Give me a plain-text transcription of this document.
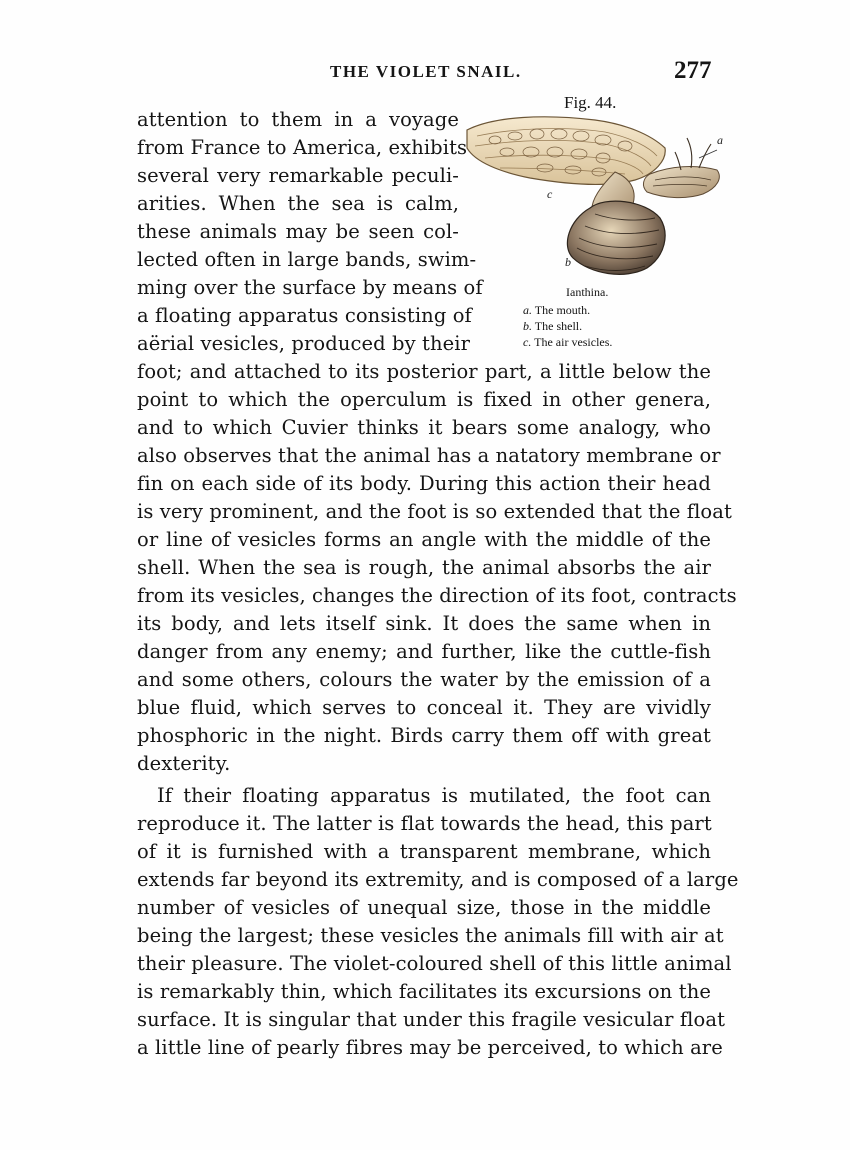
THE VIOLET SNAIL.	277
Fig. 44.
c
a
b
Ianthina.
a. The mouth.
b. The shell.
c. The air vesicles.
attention to them in a voyage
from France to America, exhibits
several very remarkable peculi-
arities. When the sea is calm,
these animals may be seen col-
lected often in large bands, swim-
ming over the surface by means of
a floating apparatus consisting of
aërial vesicles, produced by their
foot; and attached to its posterior part, a little below the
point to which the operculum is fixed in other genera,
and to which Cuvier thinks it bears some analogy, who
also observes that the animal has a natatory membrane or
fin on each side of its body. During this action their head
is very prominent, and the foot is so extended that the float
or line of vesicles forms an angle with the middle of the
shell. When the sea is rough, the animal absorbs the air
from its vesicles, changes the direction of its foot, contracts
its body, and lets itself sink. It does the same when in
danger from any enemy; and further, like the cuttle-fish
and some others, colours the water by the emission of a
blue fluid, which serves to conceal it. They are vividly
phosphoric in the night. Birds carry them off with great
dexterity.
If their floating apparatus is mutilated, the foot can
reproduce it. The latter is flat towards the head, this part
of it is furnished with a transparent membrane, which
extends far beyond its extremity, and is composed of a large
number of vesicles of unequal size, those in the middle
being the largest; these vesicles the animals fill with air at
their pleasure. The violet-coloured shell of this little animal
is remarkably thin, which facilitates its excursions on the
surface. It is singular that under this fragile vesicular float
a little line of pearly fibres may be perceived, to which are
